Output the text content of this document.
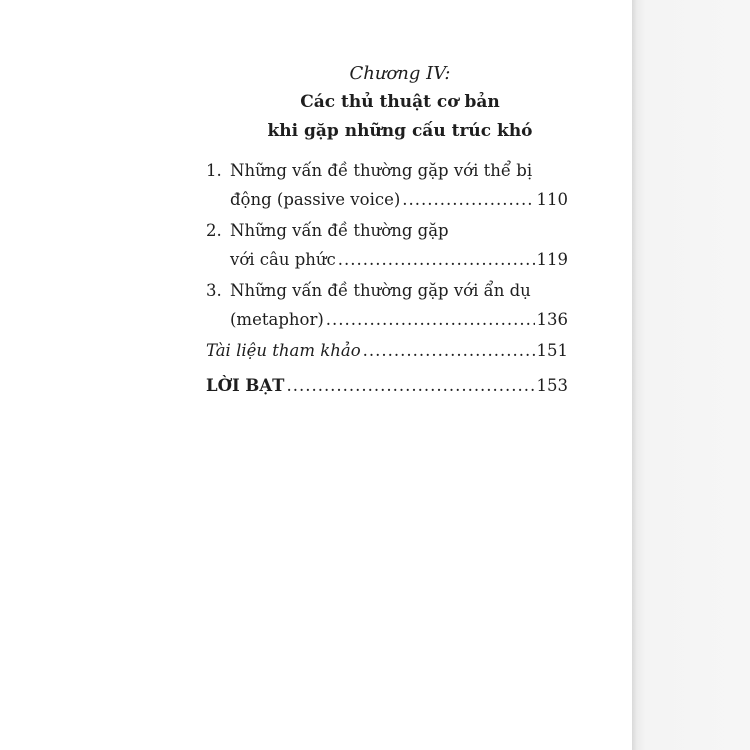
Chương IV:
Các thủ thuật cơ bản
khi gặp những cấu trúc khó
1. Những vấn đề thường gặp với thể bị
động (passive voice) .....	110
2. Những vấn đề thường gặp
với câu phức .....	119
3. Những vấn đề thường gặp với ẩn dụ
(metaphor) .....	136
Tài liệu tham khảo .....	151
LỜI BẠT .....	153
